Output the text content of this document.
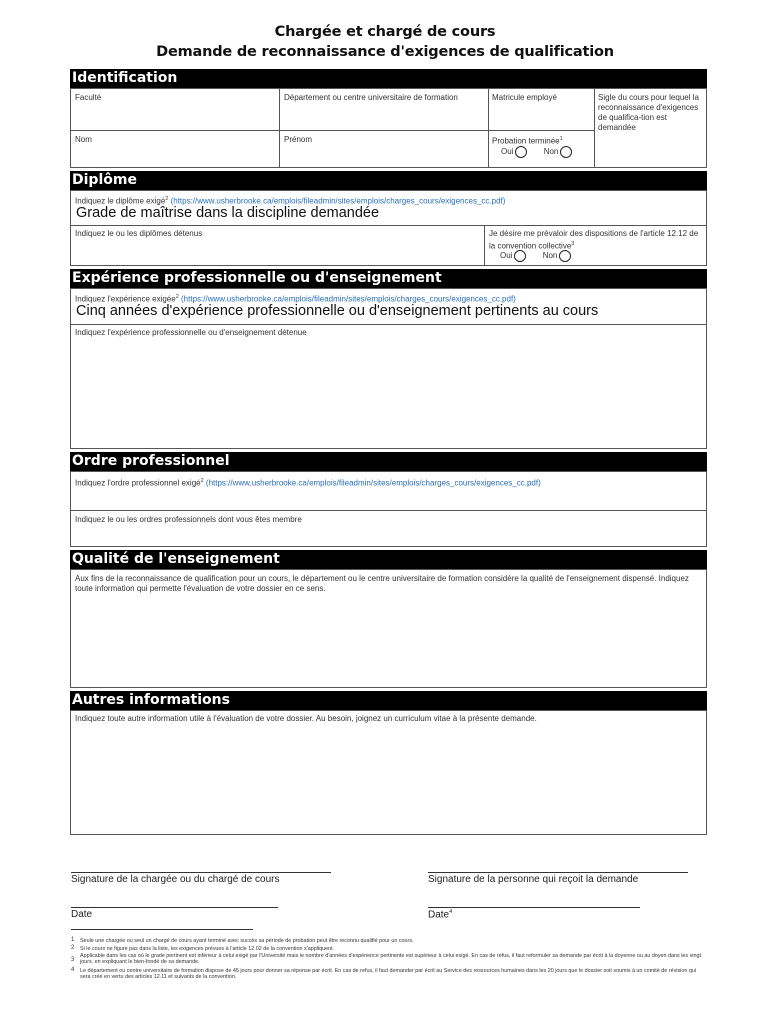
Chargée et chargé de cours
Demande de reconnaissance d'exigences de qualification
Identification
Faculté	Département ou centre universitaire de formation	Matricule employé	Sigle du cours pour lequel la reconnaissance d'exigences de qualifica-tion est demandée
Nom	Prénom	Probation terminée$^1$
Oui	Non
Diplôme
Indiquez le diplôme exigé$^2$ (https://www.usherbrooke.ca/emplois/fileadmin/sites/emplois/charges_cours/exigences_cc.pdf)
Grade de maîtrise dans la discipline demandée
Indiquez le ou les diplômes détenus	Je désire me prévaloir des dispositions de l'article 12.12 de la convention collective$^3$
Oui	Non
Expérience professionnelle ou d'enseignement
Indiquez l'expérience exigée$^2$ (https://www.usherbrooke.ca/emplois/fileadmin/sites/emplois/charges_cours/exigences_cc.pdf)
Cinq années d'expérience professionnelle ou d'enseignement pertinents au cours
Indiquez l'expérience professionnelle ou d'enseignement détenue
Ordre professionnel
Indiquez l'ordre professionnel exigé$^2$ (https://www.usherbrooke.ca/emplois/fileadmin/sites/emplois/charges_cours/exigences_cc.pdf)
Indiquez le ou les ordres professionnels dont vous êtes membre
Qualité de l'enseignement
Aux fins de la reconnaissance de qualification pour un cours, le département ou le centre universitaire de formation considère la qualité de l'enseignement dispensé. Indiquez toute information qui permette l'évaluation de votre dossier en ce sens.
Autres informations
Indiquez toute autre information utile à l'évaluation de votre dossier. Au besoin, joignez un curriculum vitae à la présente demande.
Signature de la chargée ou du chargé de cours	Signature de la personne qui reçoit la demande
Date	Date$^4$
1 Seule une chargée ou seul un chargé de cours ayant terminé avec succès sa période de probation peut être reconnu qualifié pour un cours.
2 Si le cours ne figure pas dans la liste, les exigences prévues à l'article 12.02 de la convention s'appliquent.
3
Applicable dans les cas où le grade pertinent est inférieur à celui exigé par l'Université mais le nombre d'années d'expérience pertinente est supérieur à celui exigé. En cas de refus, il faut reformuler sa demande par écrit à la doyenne ou au doyen dans les vingt jours, en expliquant le bien-fondé de sa demande.
4 Le département ou centre universitaire de formation dispose de 45 jours pour donner sa réponse par écrit. En cas de refus, il faut demander par écrit au Service des ressources humaines dans les 20 jours que le dossier soit soumis à un comité de révision qui sera créé en vertu des articles 12.11 et suivants de la convention.
